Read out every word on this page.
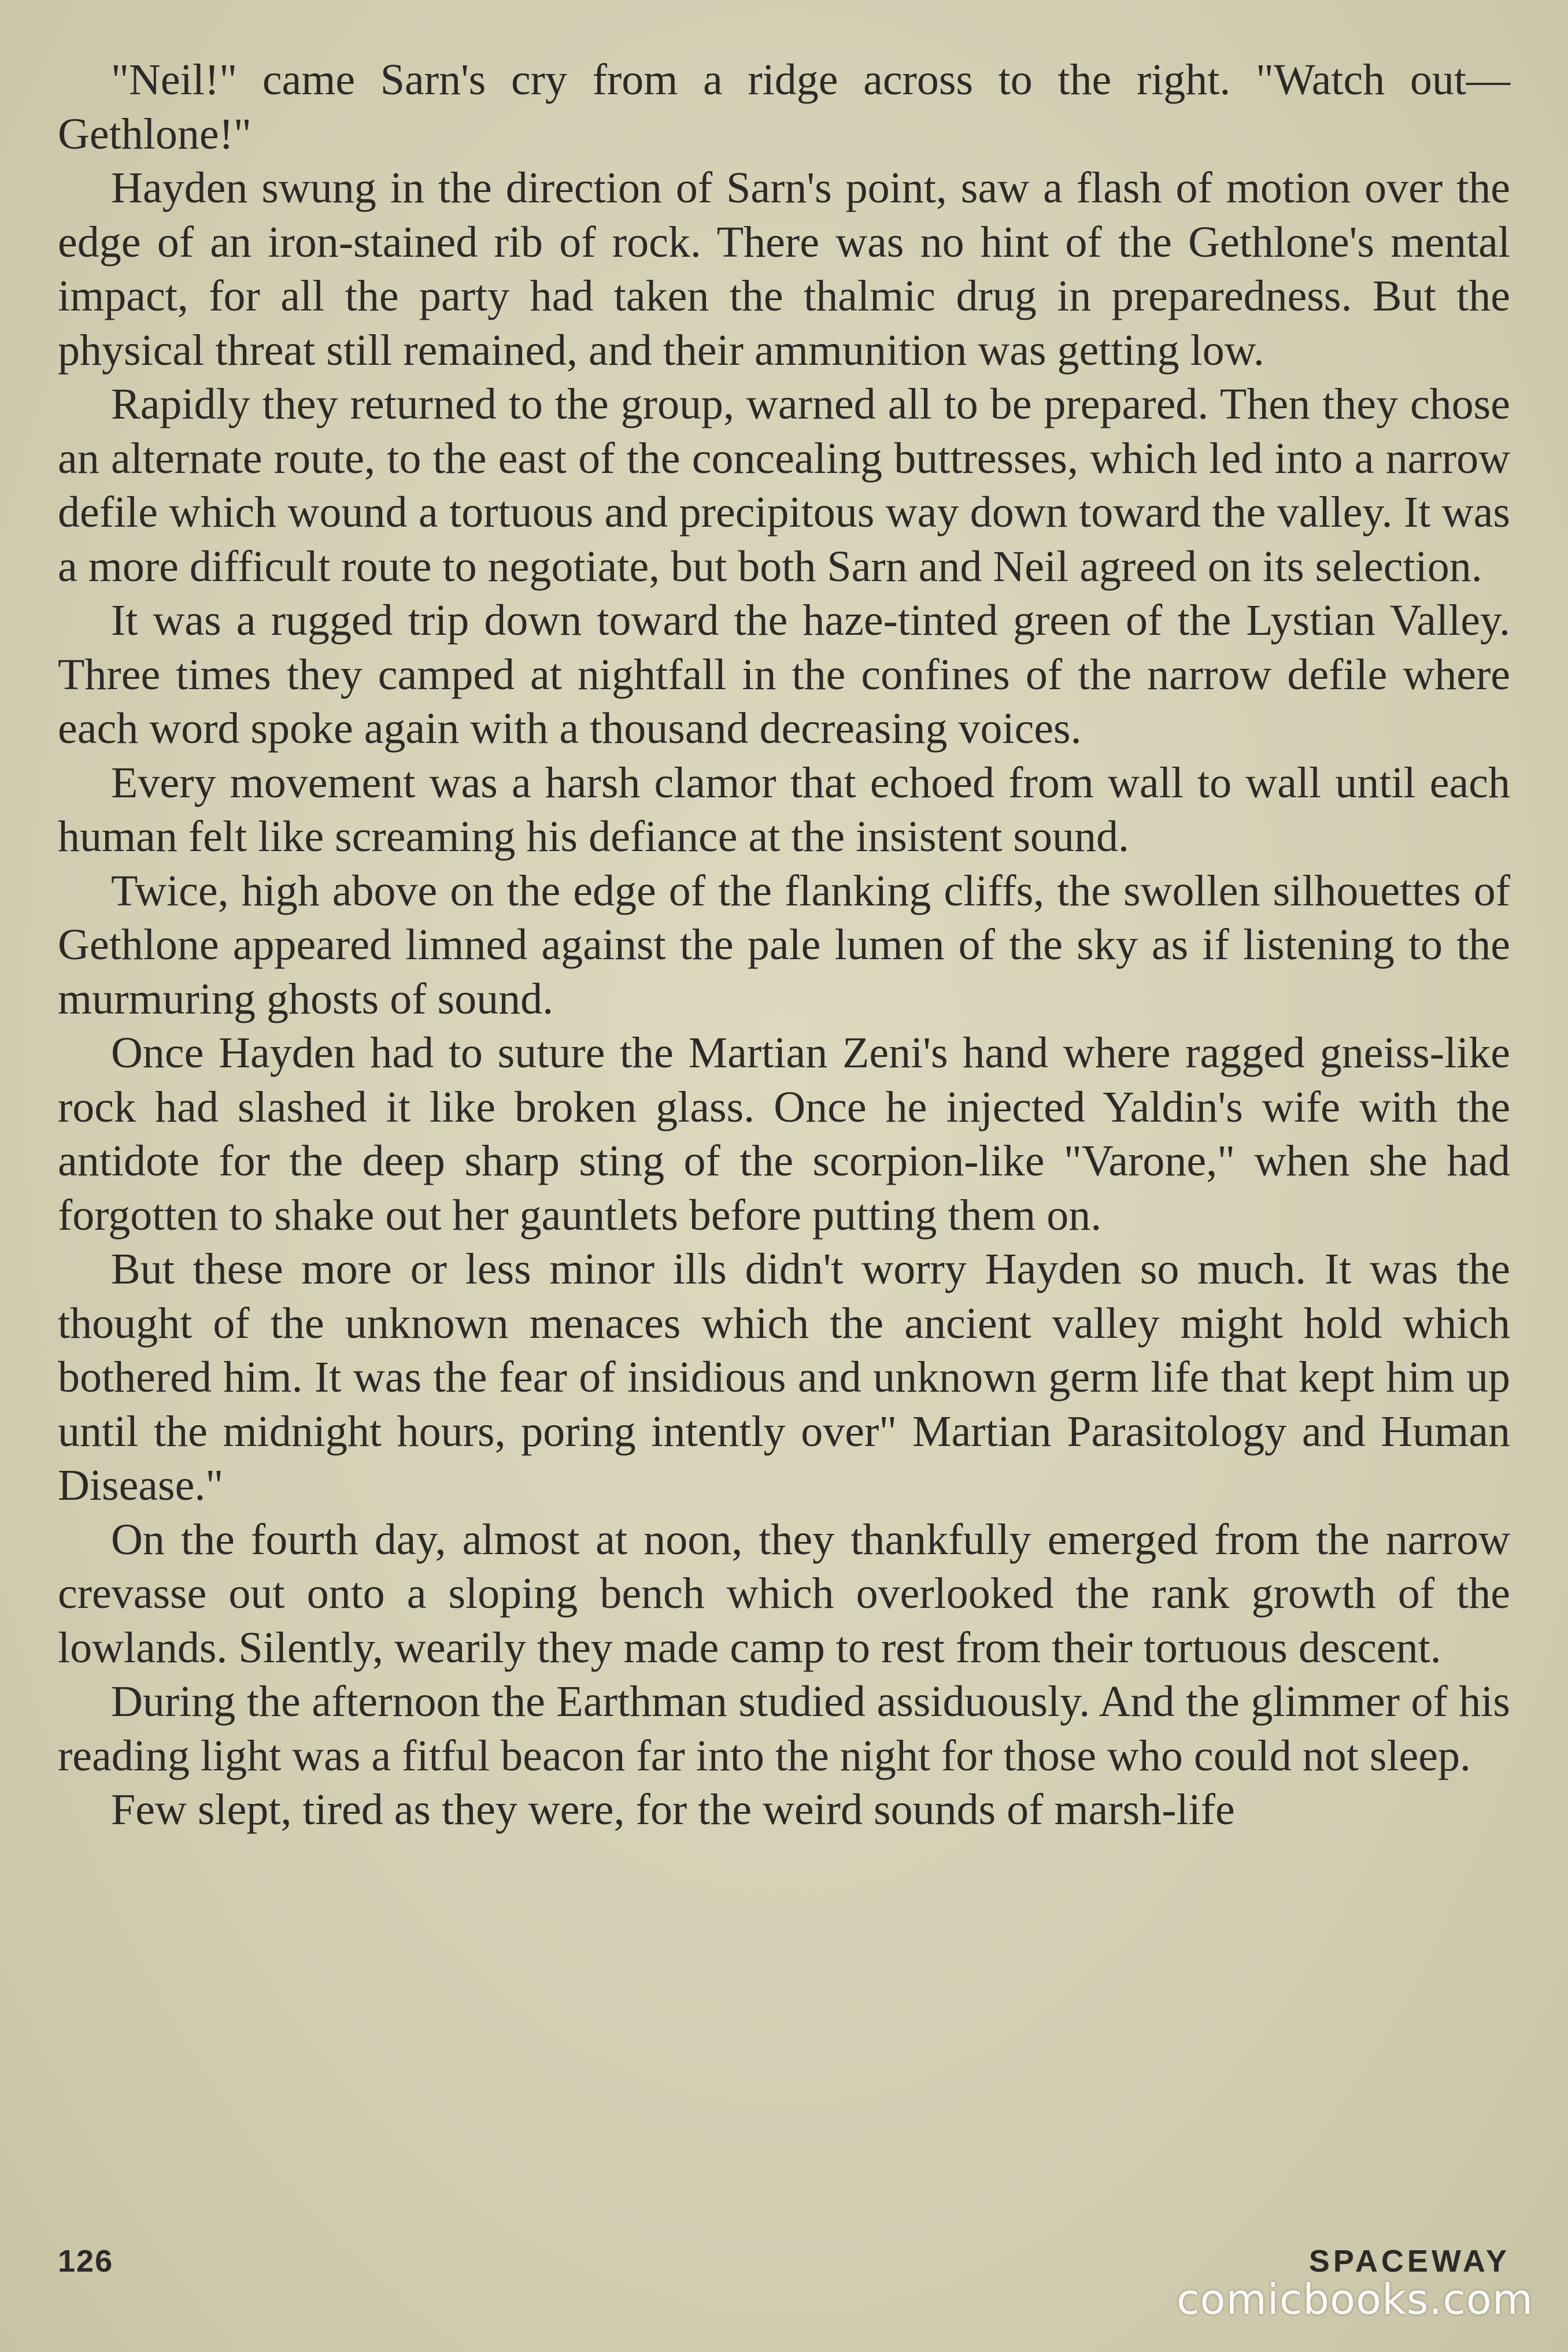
"Neil!" came Sarn's cry from a ridge across to the right. "Watch out—Gethlone!"

Hayden swung in the direction of Sarn's point, saw a flash of motion over the edge of an iron-stained rib of rock. There was no hint of the Gethlone's mental impact, for all the party had taken the thalmic drug in preparedness. But the physical threat still remained, and their ammunition was getting low.

Rapidly they returned to the group, warned all to be prepared. Then they chose an alternate route, to the east of the concealing buttresses, which led into a narrow defile which wound a tortuous and precipitous way down toward the valley. It was a more difficult route to negotiate, but both Sarn and Neil agreed on its selection.

It was a rugged trip down toward the haze-tinted green of the Lystian Valley. Three times they camped at nightfall in the confines of the narrow defile where each word spoke again with a thousand decreasing voices.

Every movement was a harsh clamor that echoed from wall to wall until each human felt like screaming his defiance at the insistent sound.

Twice, high above on the edge of the flanking cliffs, the swollen silhouettes of Gethlone appeared limned against the pale lumen of the sky as if listening to the murmuring ghosts of sound.

Once Hayden had to suture the Martian Zeni's hand where ragged gneiss-like rock had slashed it like broken glass. Once he injected Yaldin's wife with the antidote for the deep sharp sting of the scorpion-like "Varone," when she had forgotten to shake out her gauntlets before putting them on.

But these more or less minor ills didn't worry Hayden so much. It was the thought of the unknown menaces which the ancient valley might hold which bothered him. It was the fear of insidious and unknown germ life that kept him up until the midnight hours, poring intently over" Martian Parasitology and Human Disease."

On the fourth day, almost at noon, they thankfully emerged from the narrow crevasse out onto a sloping bench which overlooked the rank growth of the lowlands. Silently, wearily they made camp to rest from their tortuous descent.

During the afternoon the Earthman studied assiduously. And the glimmer of his reading light was a fitful beacon far into the night for those who could not sleep.

Few slept, tired as they were, for the weird sounds of marsh-life

126	SPACEWAY
comicbooks.com
